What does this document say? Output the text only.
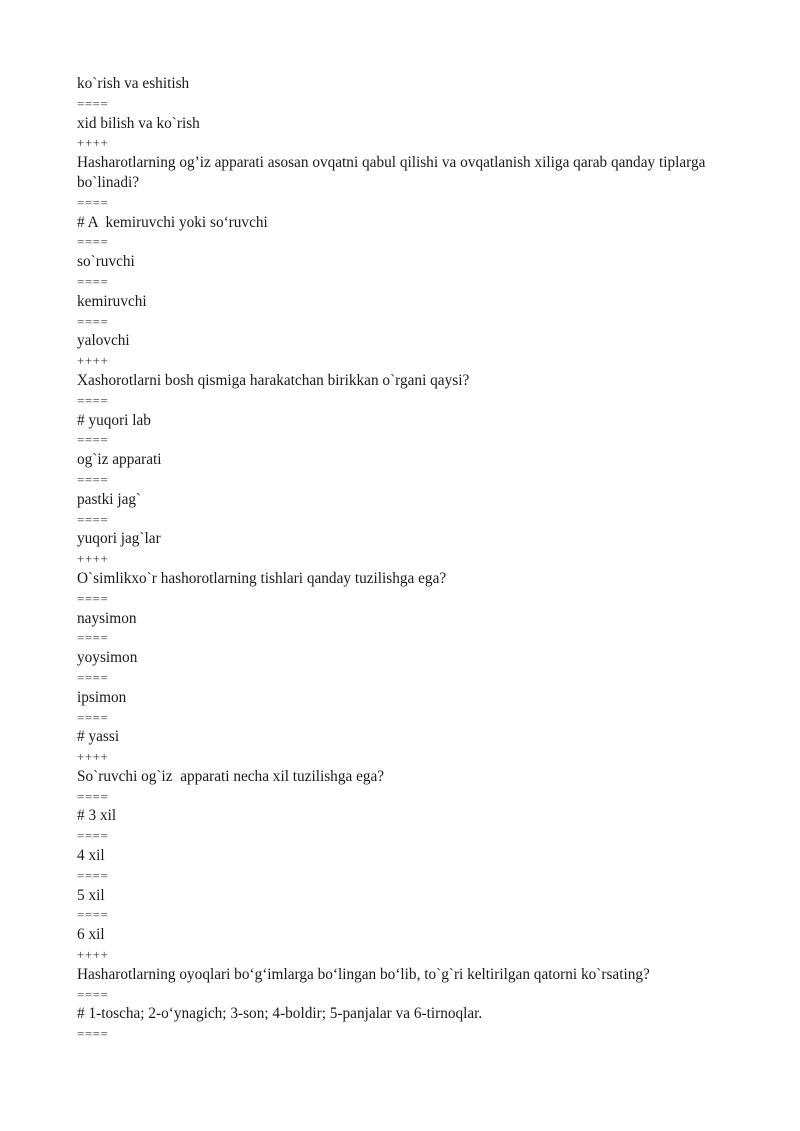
ko`rish va eshitish
====
xid bilish va ko`rish
++++
Hasharotlarning og’iz apparati asosan ovqatni qabul qilishi va ovqatlanish xiliga qarab qanday tiplarga bo`linadi?
====
# A  kemiruvchi yoki so‘ruvchi
====
so`ruvchi
====
kemiruvchi
====
yalovchi
++++
Xashorotlarni bosh qismiga harakatchan birikkan o`rgani qaysi?
====
# yuqori lab
====
og`iz apparati
====
pastki jag`
====
yuqori jag`lar
++++
O`simlikxo`r hashorotlarning tishlari qanday tuzilishga ega?
====
naysimon
====
yoysimon
====
ipsimon
====
# yassi
++++
So`ruvchi og`iz  apparati necha xil tuzilishga ega?
====
# 3 xil
====
4 xil
====
5 xil
====
6 xil
++++
Hasharotlarning oyoqlari bo‘g‘imlarga bo‘lingan bo‘lib, to`g`ri keltirilgan qatorni ko`rsating?
====
# 1-toscha; 2-o‘ynagich; 3-son; 4-boldir; 5-panjalar va 6-tirnoqlar.
====
